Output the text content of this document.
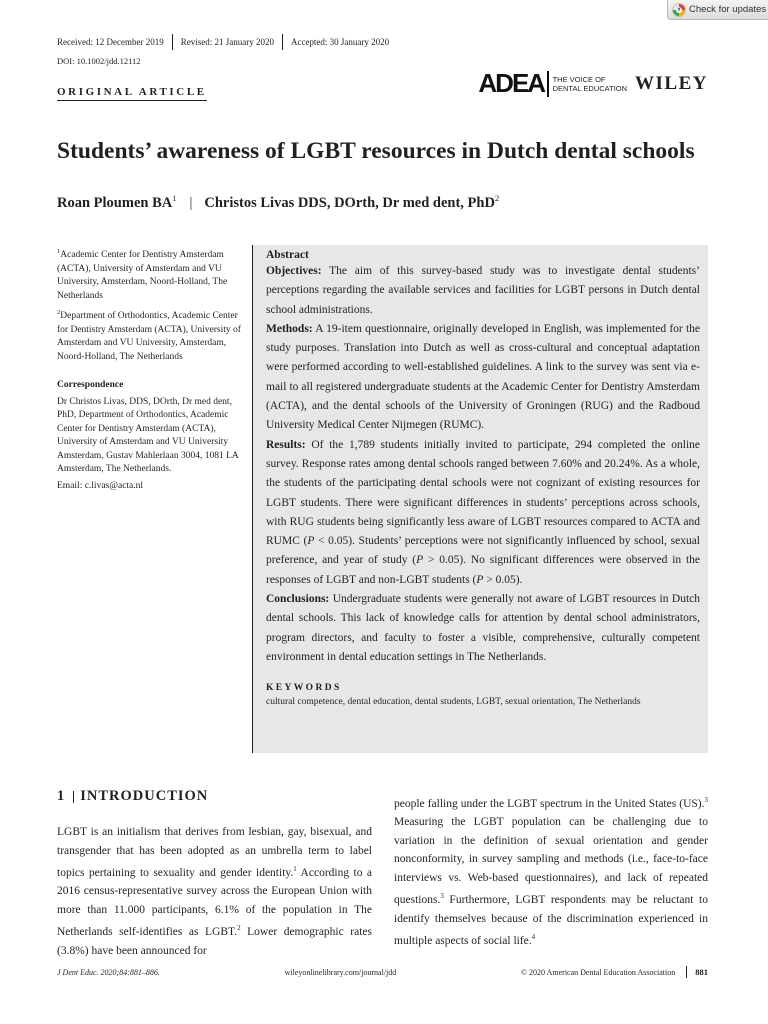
Check for updates
Received: 12 December 2019 Revised: 21 January 2020 Accepted: 30 January 2020
DOI: 10.1002/jdd.12112
ORIGINAL ARTICLE	ADEA THE VOICE OF
DENTAL EDUCATION WILEY
Students’ awareness of LGBT resources in Dutch dental schools
Roan Ploumen $BA^1$ | Christos Livas DDS, DOrth, Dr med dent, PhD$^2$

$^1$Academic Center for Dentistry Amsterdam (ACTA), University of Amsterdam and VU University, Amsterdam, Noord-Holland, The Netherlands

$^2$Department of Orthodontics, Academic Center for Dentistry Amsterdam (ACTA), University of Amsterdam and VU University, Amsterdam, Noord-Holland, The Netherlands

Correspondence

Dr Christos Livas, DDS, DOrth, Dr med dent, PhD, Department of Orthodontics, Academic Center for Dentistry Amsterdam (ACTA), University of Amsterdam and VU University Amsterdam, Gustav Mahlerlaan 3004, 1081 LA Amsterdam, The Netherlands.

Email: c.livas@acta.nl

Abstract

Objectives: The aim of this survey-based study was to investigate dental students’ perceptions regarding the available services and facilities for LGBT persons in Dutch dental school administrations.

Methods: A 19-item questionnaire, originally developed in English, was implemented for the study purposes. Translation into Dutch as well as cross-cultural and conceptual adaptation were performed according to well-established guidelines. A link to the survey was sent via e-mail to all registered undergraduate students at the Academic Center for Dentistry Amsterdam (ACTA), and the dental schools of the University of Groningen (RUG) and the Radboud University Medical Center Nijmegen (RUMC).

Results: Of the 1,789 students initially invited to participate, 294 completed the online survey. Response rates among dental schools ranged between 7.60% and 20.24%. As a whole, the students of the participating dental schools were not cognizant of existing resources for LGBT students. There were significant differences in students’ perceptions across schools, with RUG students being significantly less aware of LGBT resources compared to ACTA and RUMC (P < 0.05). Students’ perceptions were not significantly influenced by school, sexual preference, and year of study (P > 0.05). No significant differences were observed in the responses of LGBT and non-LGBT students (P > 0.05).

Conclusions: Undergraduate students were generally not aware of LGBT resources in Dutch dental schools. This lack of knowledge calls for attention by dental school administrators, program directors, and faculty to foster a visible, comprehensive, culturally competent environment in dental education settings in The Netherlands.

KEYWORDS

cultural competence, dental education, dental students, LGBT, sexual orientation, The Netherlands

1 INTRODUCTION

LGBT is an initialism that derives from lesbian, gay, bisexual, and transgender that has been adopted as an umbrella term to label topics pertaining to sexuality and gender identity.$^1$ According to a 2016 census-representative survey across the European Union with more than 11.000 participants, 6.1% of the population in The Netherlands self-identifies as LGBT.$^2$ Lower demographic rates (3.8%) have been announced for

people falling under the LGBT spectrum in the United States (US).$^3$ Measuring the LGBT population can be challenging due to variation in the definition of sexual orientation and gender nonconformity, in survey sampling and methods (i.e., face-to-face interviews vs. Web-based questionnaires), and lack of repeated questions.$^3$ Furthermore, LGBT respondents may be reluctant to identify themselves because of the discrimination experienced in multiple aspects of social life.$^4$

J Dent Educ. 2020;84:881–886.	wileyonlinelibrary.com/journal/jdd	© 2020 American Dental Education Association 881
